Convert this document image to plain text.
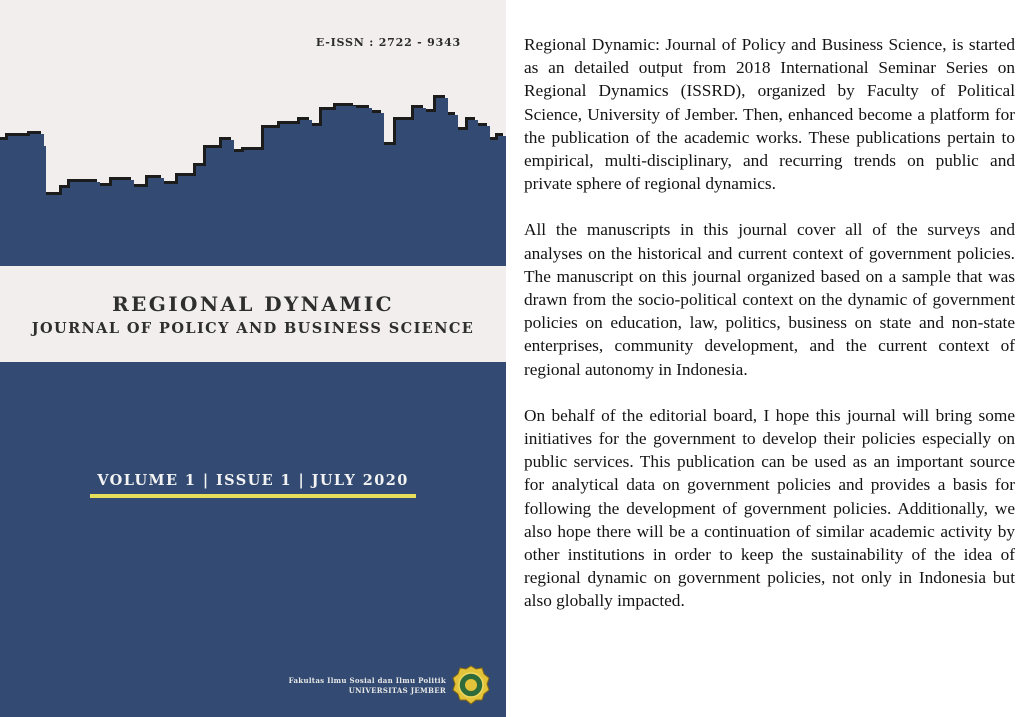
E-ISSN : 2722 - 9343
REGIONAL DYNAMIC
JOURNAL OF POLICY AND BUSINESS SCIENCE
VOLUME 1 | ISSUE 1 | JULY 2020
Fakultas Ilmu Sosial dan Ilmu Politik
UNIVERSITAS JEMBER

Regional Dynamic: Journal of Policy and Business Science, is started as an detailed output from 2018 International Seminar Series on Regional Dynamics (ISSRD), organized by Faculty of Political Science, University of Jember. Then, enhanced become a platform for the publication of the academic works. These publications pertain to empirical, multi-disciplinary, and recurring trends on public and private sphere of regional dynamics.

All the manuscripts in this journal cover all of the surveys and analyses on the historical and current context of government policies. The manuscript on this journal organized based on a sample that was drawn from the socio-political context on the dynamic of government policies on education, law, politics, business on state and non-state enterprises, community development, and the current context of regional autonomy in Indonesia.

On behalf of the editorial board, I hope this journal will bring some initiatives for the government to develop their policies especially on public services. This publication can be used as an important source for analytical data on government policies and provides a basis for following the development of government policies. Additionally, we also hope there will be a continuation of similar academic activity by other institutions in order to keep the sustainability of the idea of regional dynamic on government policies, not only in Indonesia but also globally impacted.
